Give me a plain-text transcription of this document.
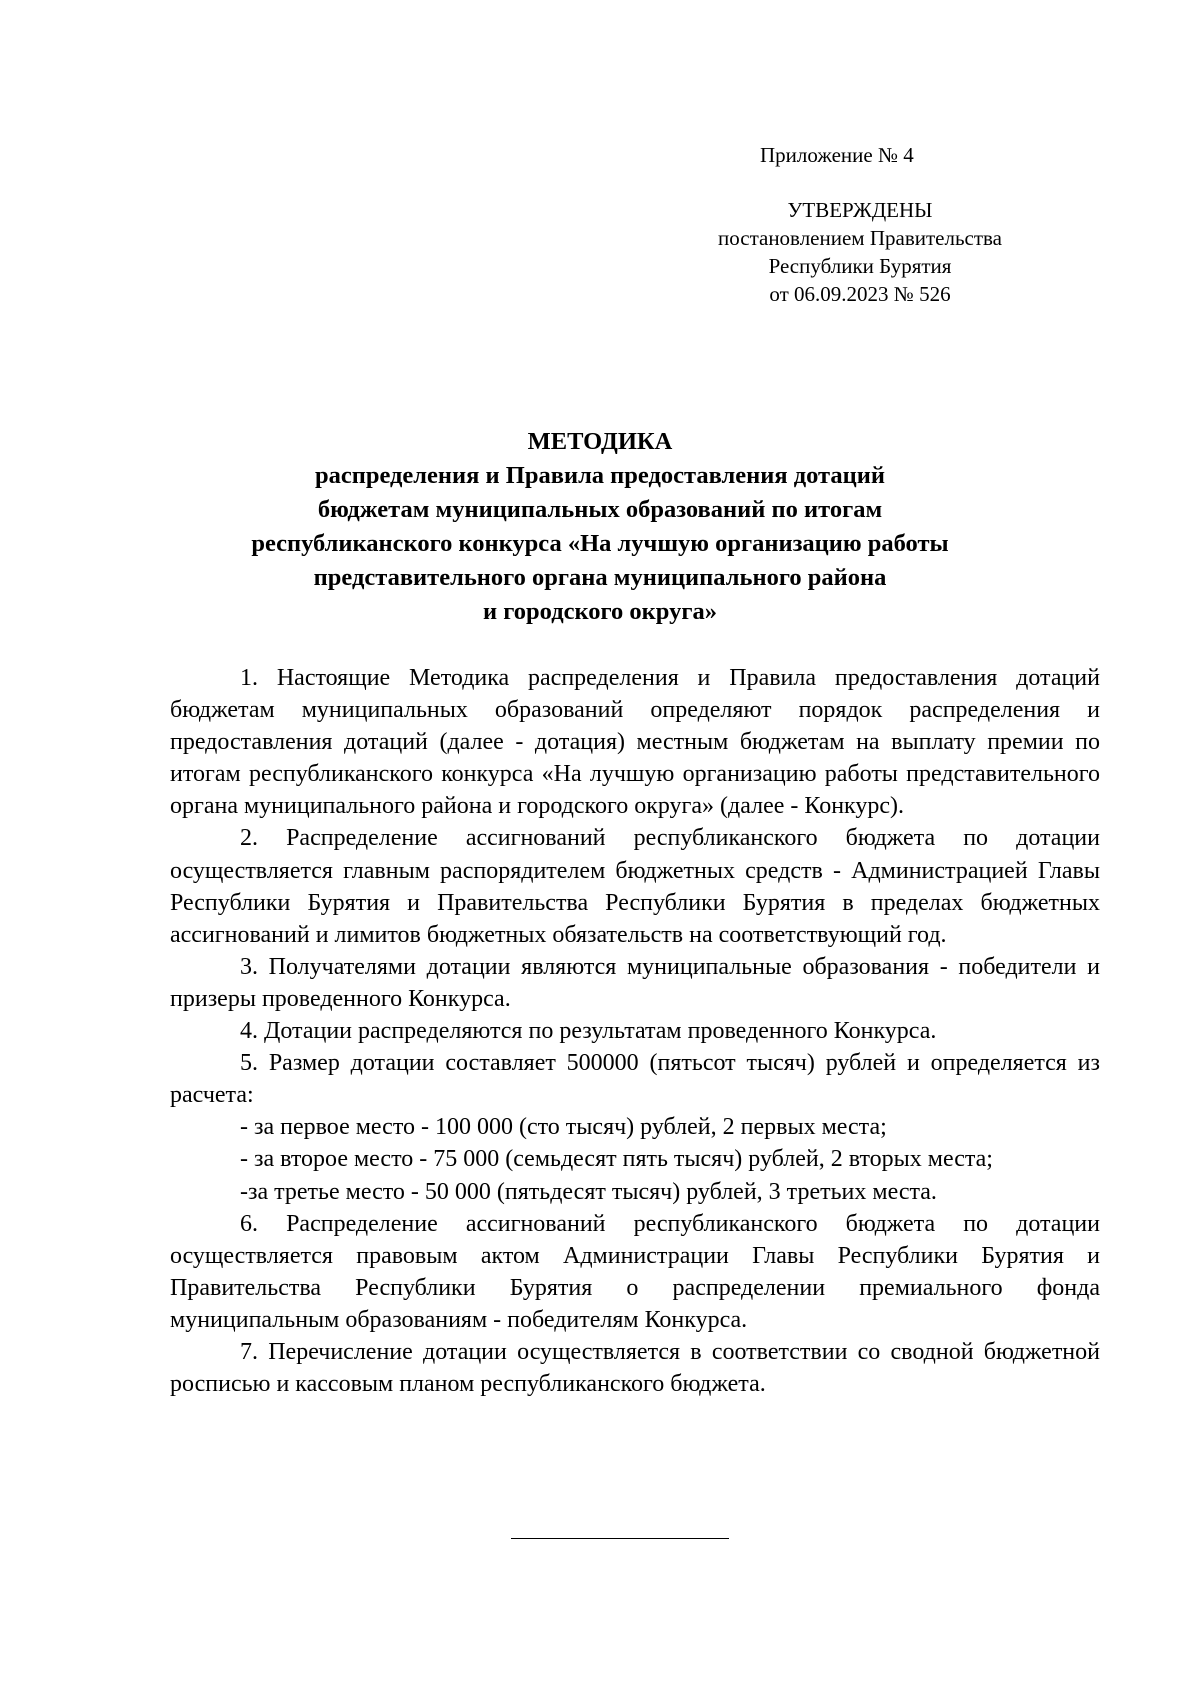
Приложение № 4
УТВЕРЖДЕНЫ
постановлением Правительства
Республики Бурятия
от 06.09.2023 № 526
МЕТОДИКА
распределения и Правила предоставления дотаций
бюджетам муниципальных образований по итогам
республиканского конкурса «На лучшую организацию работы
представительного органа муниципального района
и городского округа»

1. Настоящие Методика распределения и Правила предоставления дотаций бюджетам муниципальных образований определяют порядок распределения и предоставления дотаций (далее - дотация) местным бюджетам на выплату премии по итогам республиканского конкурса «На лучшую организацию работы представительного органа муниципального района и городского округа» (далее - Конкурс).

2. Распределение ассигнований республиканского бюджета по дотации осуществляется главным распорядителем бюджетных средств - Администрацией Главы Республики Бурятия и Правительства Республики Бурятия в пределах бюджетных ассигнований и лимитов бюджетных обязательств на соответствующий год.

3. Получателями дотации являются муниципальные образования - победители и призеры проведенного Конкурса.

4. Дотации распределяются по результатам проведенного Конкурса.

5. Размер дотации составляет 500000 (пятьсот тысяч) рублей и определяется из расчета:

- за первое место - 100 000 (сто тысяч) рублей, 2 первых места;

- за второе место - 75 000 (семьдесят пять тысяч) рублей, 2 вторых места;

-за третье место - 50 000 (пятьдесят тысяч) рублей, 3 третьих места.

6. Распределение ассигнований республиканского бюджета по дотации осуществляется правовым актом Администрации Главы Республики Бурятия и Правительства Республики Бурятия о распределении премиального фонда муниципальным образованиям - победителям Конкурса.

7. Перечисление дотации осуществляется в соответствии со сводной бюджетной росписью и кассовым планом республиканского бюджета.
